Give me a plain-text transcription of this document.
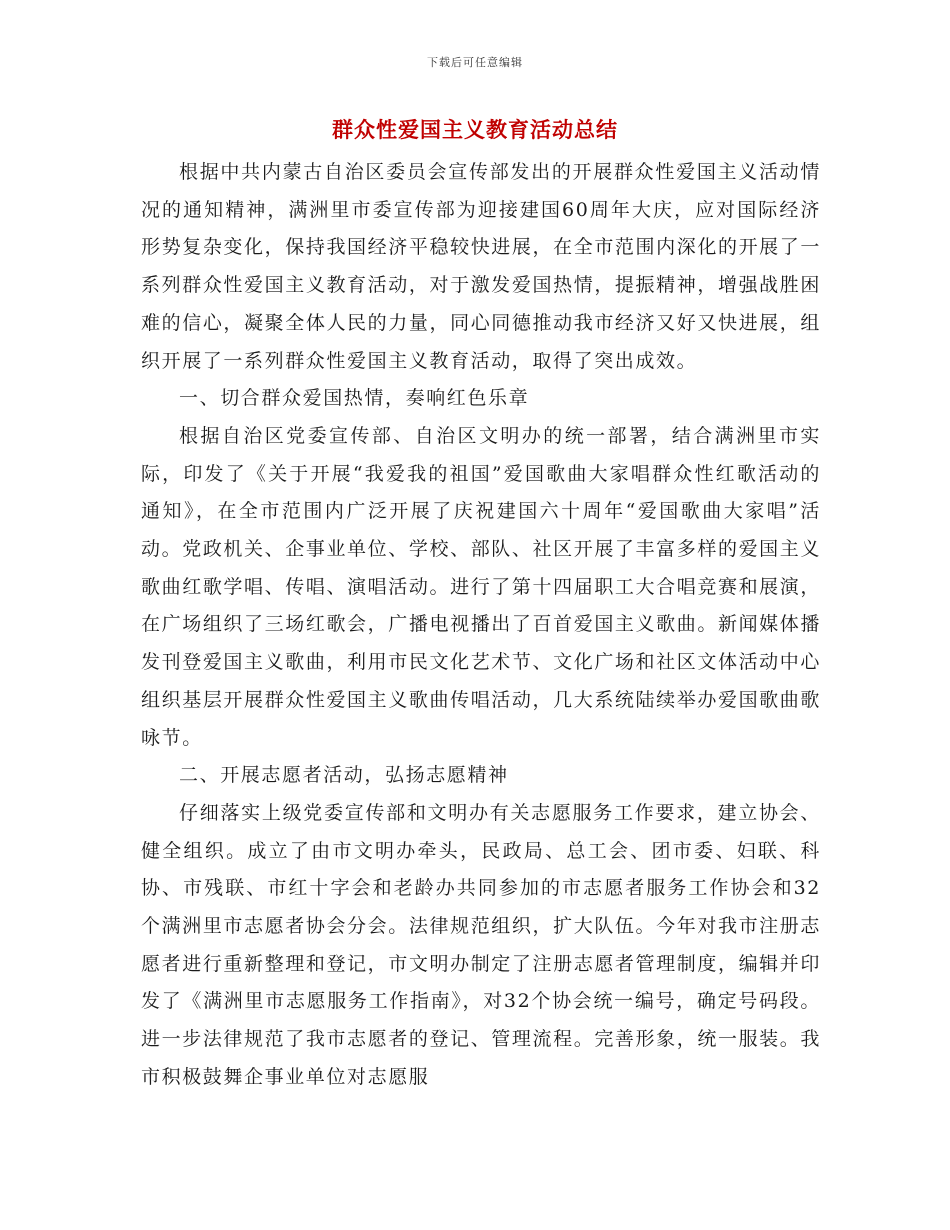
下载后可任意编辑
群众性爱国主义教育活动总结

根据中共内蒙古自治区委员会宣传部发出的开展群众性爱国主义活动情况的通知精神，满洲里市委宣传部为迎接建国60周年大庆，应对国际经济形势复杂变化，保持我国经济平稳较快进展，在全市范围内深化的开展了一系列群众性爱国主义教育活动，对于激发爱国热情，提振精神，增强战胜困难的信心，凝聚全体人民的力量，同心同德推动我市经济又好又快进展，组织开展了一系列群众性爱国主义教育活动，取得了突出成效。

一、切合群众爱国热情，奏响红色乐章

根据自治区党委宣传部、自治区文明办的统一部署，结合满洲里市实际，印发了《关于开展“我爱我的祖国”爱国歌曲大家唱群众性红歌活动的通知》，在全市范围内广泛开展了庆祝建国六十周年“爱国歌曲大家唱”活动。党政机关、企事业单位、学校、部队、社区开展了丰富多样的爱国主义歌曲红歌学唱、传唱、演唱活动。进行了第十四届职工大合唱竞赛和展演，在广场组织了三场红歌会，广播电视播出了百首爱国主义歌曲。新闻媒体播发刊登爱国主义歌曲，利用市民文化艺术节、文化广场和社区文体活动中心组织基层开展群众性爱国主义歌曲传唱活动，几大系统陆续举办爱国歌曲歌咏节。

二、开展志愿者活动，弘扬志愿精神

仔细落实上级党委宣传部和文明办有关志愿服务工作要求，建立协会、健全组织。成立了由市文明办牵头，民政局、总工会、团市委、妇联、科协、市残联、市红十字会和老龄办共同参加的市志愿者服务工作协会和32个满洲里市志愿者协会分会。法律规范组织，扩大队伍。今年对我市注册志愿者进行重新整理和登记，市文明办制定了注册志愿者管理制度，编辑并印发了《满洲里市志愿服务工作指南》，对32个协会统一编号，确定号码段。进一步法律规范了我市志愿者的登记、管理流程。完善形象，统一服装。我市积极鼓舞企事业单位对志愿服
